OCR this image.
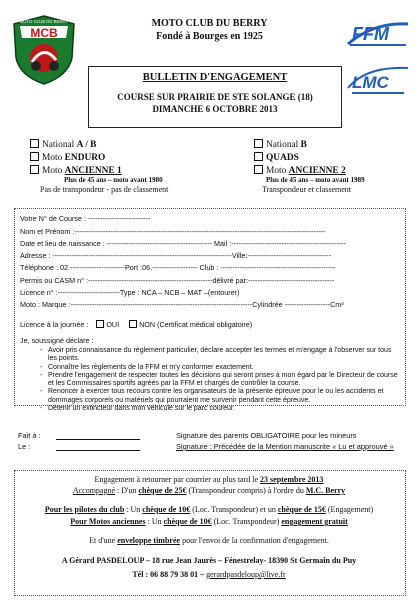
MOTO CLUB DU BERRY
MCB	FFM
LMC
MOTO CLUB DU BERRY
Fondé à Bourges en 1925
BULLETIN D'ENGAGEMENT
COURSE SUR PRAIRIE DE STE SOLANGE (18)
DIMANCHE 6 OCTOBRE 2013
National A / B
Moto ENDURO
Moto ANCIENNE 1
Plus de 45 ans – moto avant 1980
Pas de transpondeur - pas de classement
National B
QUADS
Moto ANCIENNE 2
Plus de 45 ans – moto avant 1989
Transpondeur et classement
Votre N° de Course : --------------------------
Nom et Prénom :---------------------------------------------------------------------------------------------------------
Date et lieu de naissance : -------------------------------------------- Mail :------------------------------------------------
Adresse : ---------------------------------------------------------------------------Ville:-----------------------------------
Téléphone : 02.-----------------------Port :06.------------------- Club : ------------------------------------------------
Permis ou CASM n° :----------------------------------------------------délivré par:------------------------------------
Licence n° :--------------------------Type : NCA – NCB – MAT –(entourer)
Moto : Marque :----------------------------------------------------------------------------Cylindrée -------------------Cm³
Licence à la journée :	OUI	NON (Certificat médical obligatoire)
Je, soussigné déclare :
- Avoir pris connaissance du règlement particulier, déclare accepter les termes et m'engage à l'observer sur tous les points.
- Connaître les règlements de la FFM et m'y conformer exactement.
- Prendre l'engagement de respecter toutes les décisions qui seront prises à mon égard par le Directeur de course et les Commissaires sportifs agréés par la FFM et chargés de contrôler la course.
- Renoncer à exercer tous recours contre les organisateurs de la présente épreuve pour le ou les accidents et dommages corporels ou matériels qui pourraient me survenir pendant cette épreuve.
- Détenir un extincteur dans mon véhicule sur le parc coureur.
Fait à :
Le :
Signature des parents OBLIGATOIRE pour les mineurs
Signature : Précédée de la Mention manuscrite « Lu et approuvé »
Engagement à retourner par courrier au plus tard le 23 septembre 2013
Accompagné : D'un chèque de 25€ (Transpondeur compris) à l'ordre du M.C. Berry
Pour les pilotes du club : Un chèque de 10€ (Loc. Transpondeur) et un chèque de 15€ (Engagement)
Pour Motos anciennes : Un chèque de 10€ (Loc. Transpondeur) engagement gratuit
Et d'une enveloppe timbrée pour l'envoi de la confirmation d'engagement.
A Gérard PASDELOUP – 18 rue Jean Jaurès – Fénestrelay- 18390 St Germain du Puy
Tél : 06 88 79 38 01 – gerardpasdeloup@live.fr
